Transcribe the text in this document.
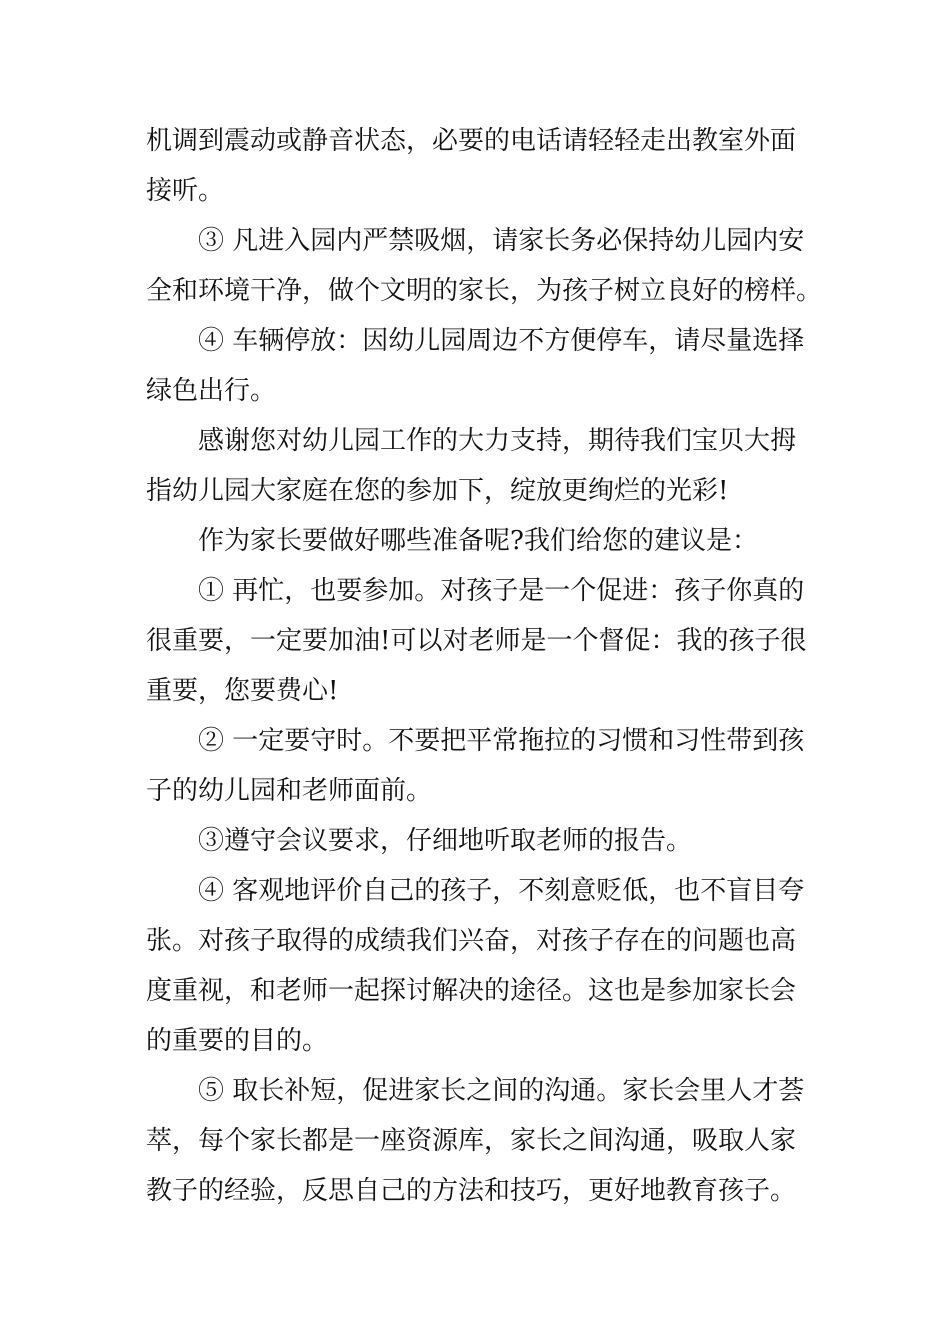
机调到震动或静音状态，必要的电话请轻轻走出教室外面

接听。

③ 凡进入园内严禁吸烟，请家长务必保持幼儿园内安

全和环境干净，做个文明的家长，为孩子树立良好的榜样。

④ 车辆停放：因幼儿园周边不方便停车，请尽量选择

绿色出行。

感谢您对幼儿园工作的大力支持，期待我们宝贝大拇

指幼儿园大家庭在您的参加下，绽放更绚烂的光彩!

作为家长要做好哪些准备呢?我们给您的建议是：

① 再忙，也要参加。对孩子是一个促进：孩子你真的

很重要，一定要加油!可以对老师是一个督促：我的孩子很

重要，您要费心!

② 一定要守时。不要把平常拖拉的习惯和习性带到孩

子的幼儿园和老师面前。

③遵守会议要求，仔细地听取老师的报告。

④ 客观地评价自己的孩子，不刻意贬低，也不盲目夸

张。对孩子取得的成绩我们兴奋，对孩子存在的问题也高

度重视，和老师一起探讨解决的途径。这也是参加家长会

的重要的目的。

⑤ 取长补短，促进家长之间的沟通。家长会里人才荟

萃，每个家长都是一座资源库，家长之间沟通，吸取人家

教子的经验，反思自己的方法和技巧，更好地教育孩子。
